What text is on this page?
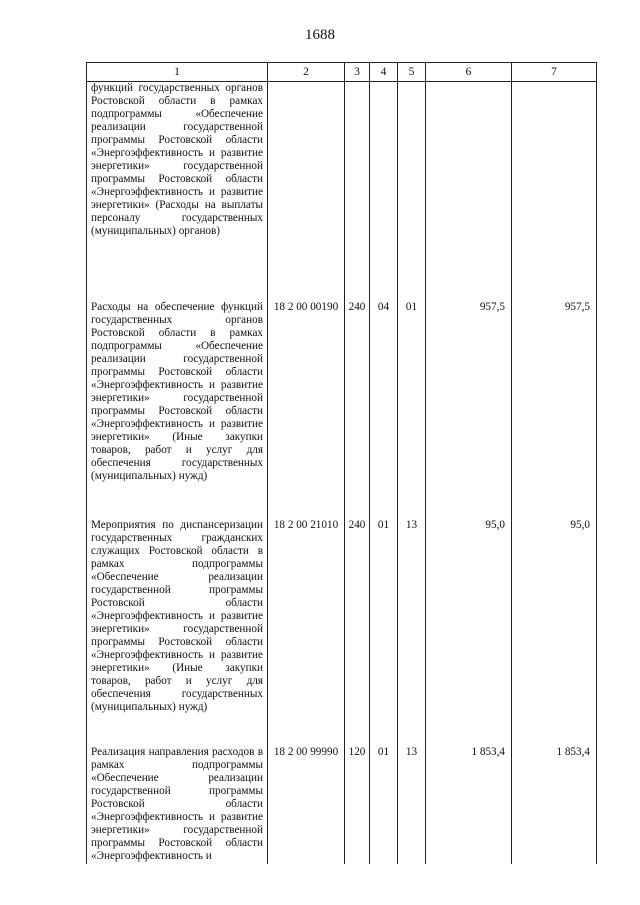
1688
1	2	3	4	5	6	7

функций государственных органов Ростовской области в рамках подпрограммы «Обеспечение реализации государственной программы Ростовской области «Энергоэффективность и развитие энергетики» государственной программы Ростовской области «Энергоэффективность и развитие энергетики» (Расходы на выплаты персоналу государственных (муниципальных) органов)						

Расходы на обеспечение функций государственных органов Ростовской области в рамках подпрограммы «Обеспечение реализации государственной программы Ростовской области «Энергоэффективность и развитие энергетики» государственной программы Ростовской области «Энергоэффективность и развитие энергетики» (Иные закупки товаров, работ и услуг для обеспечения государственных (муниципальных) нужд)	18 2 00 00190	240	04	01	957,5	957,5

Мероприятия по диспансеризации государственных гражданских служащих Ростовской области в рамках подпрограммы «Обеспечение реализации государственной программы Ростовской области «Энергоэффективность и развитие энергетики» государственной программы Ростовской области «Энергоэффективность и развитие энергетики» (Иные закупки товаров, работ и услуг для обеспечения государственных (муниципальных) нужд)	18 2 00 21010	240	01	13	95,0	95,0

Реализация направления расходов в рамках подпрограммы «Обеспечение реализации государственной программы Ростовской области «Энергоэффективность и развитие энергетики» государственной программы Ростовской области «Энергоэффективность и	18 2 00 99990	120	01	13	1 853,4	1 853,4
